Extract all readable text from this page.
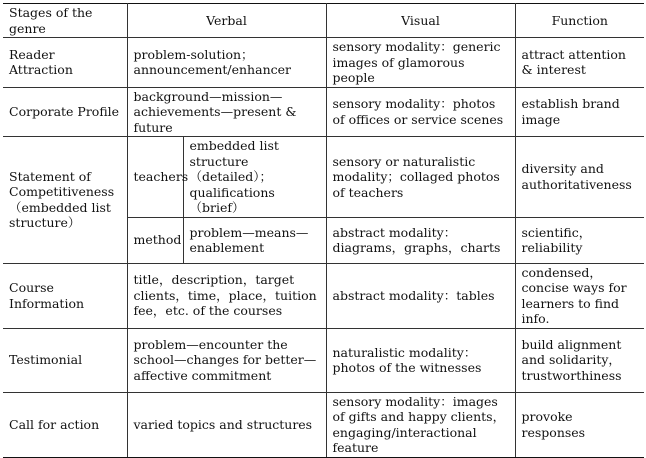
Stages of the genre	Verbal		Visual	Function
Reader Attraction	problem-solution；announcement/enhancer		sensory modality：generic images of glamorous people	attract attention & interest
Corporate Profile	background—mission—achievements—present & future		sensory modality：photos of offices or service scenes	establish brand image
Statement of Competitiveness（embedded list structure）	teachers	embedded list structure（detailed）；qualifications（brief）	sensory or naturalistic modality；collaged photos of teachers	diversity and authoritativeness
	method	problem—means—enablement	abstract modality：diagrams，graphs，charts	scientific，reliability
Course Information	title，description，target clients，time，place，tuition fee，etc. of the courses		abstract modality：tables	condensed，concise ways for learners to find info.
Testimonial	problem—encounter the school—changes for better—affective commitment		naturalistic modality：photos of the witnesses	build alignment and solidarity，trustworthiness
Call for action	varied topics and structures		sensory modality：images of gifts and happy clients，engaging/interactional feature	provoke responses
